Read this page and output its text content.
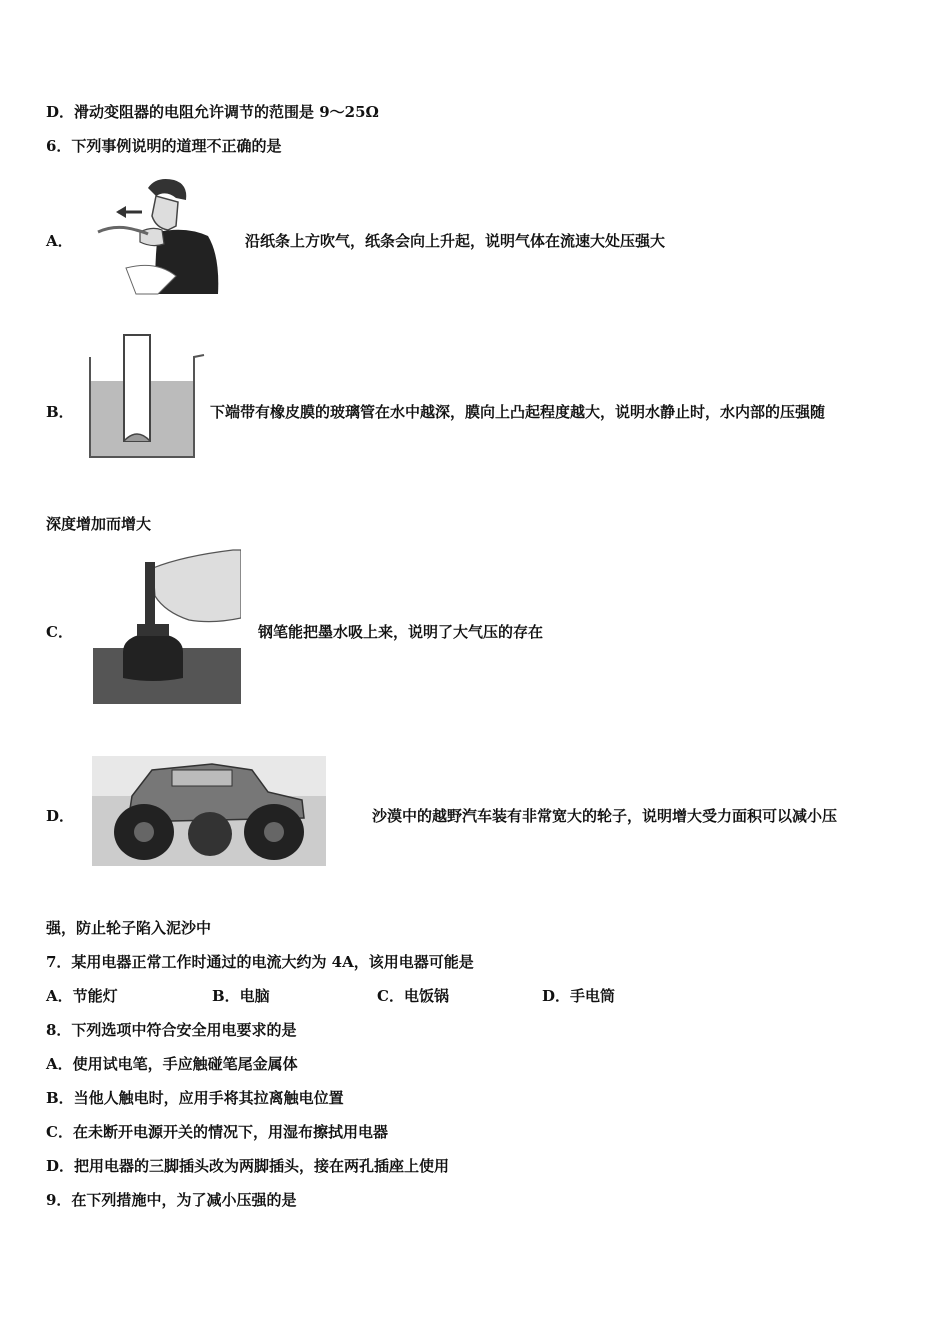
D．滑动变阻器的电阻允许调节的范围是 9～25Ω
6．下列事例说明的道理不正确的是
A．	沿纸条上方吹气，纸条会向上升起，说明气体在流速大处压强大
B．	下端带有橡皮膜的玻璃管在水中越深，膜向上凸起程度越大，说明水静止时，水内部的压强随
深度增加而增大
C．	钢笔能把墨水吸上来，说明了大气压的存在
D．	沙漠中的越野汽车装有非常宽大的轮子，说明增大受力面积可以减小压
强，防止轮子陷入泥沙中
7．某用电器正常工作时通过的电流大约为 4A，该用电器可能是
A．节能灯	B．电脑	C．电饭锅	D．手电筒
8．下列选项中符合安全用电要求的是
A．使用试电笔，手应触碰笔尾金属体
B．当他人触电时，应用手将其拉离触电位置
C．在未断开电源开关的情况下，用湿布擦拭用电器
D．把用电器的三脚插头改为两脚插头，接在两孔插座上使用
9．在下列措施中，为了减小压强的是
